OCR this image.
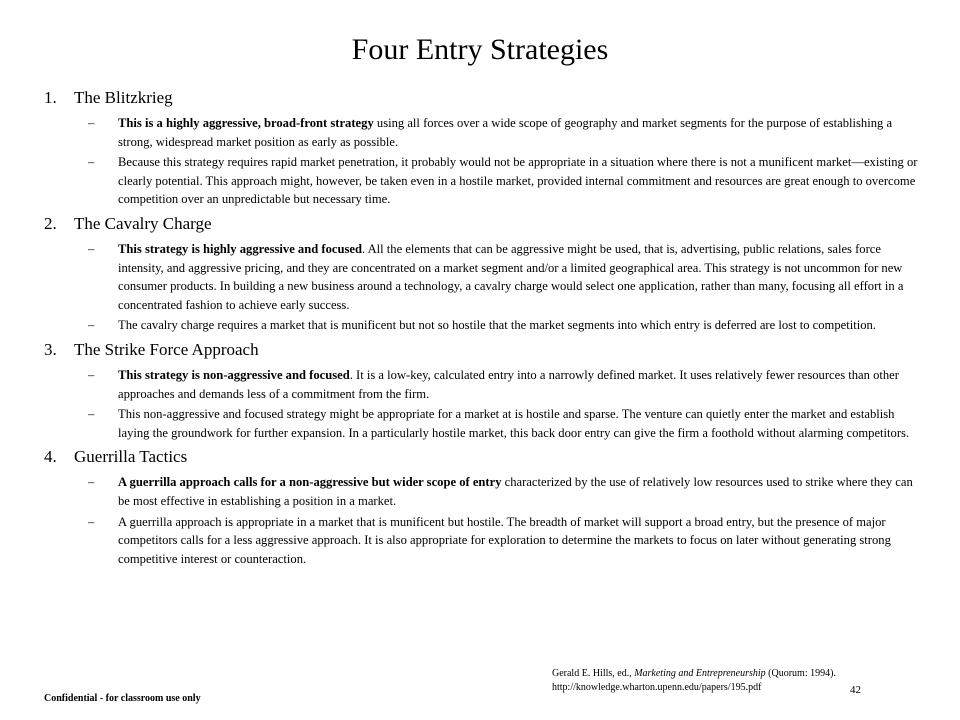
Four Entry Strategies
1.	The Blitzkrieg
–	This is a highly aggressive, broad-front strategy using all forces over a wide scope of geography and market segments for the purpose of establishing a strong, widespread market position as early as possible.
–	Because this strategy requires rapid market penetration, it probably would not be appropriate in a situation where there is not a munificent market—existing or clearly potential. This approach might, however, be taken even in a hostile market, provided internal commitment and resources are great enough to overcome competition over an unpredictable but necessary time.
2.	The Cavalry Charge
–	This strategy is highly aggressive and focused. All the elements that can be aggressive might be used, that is, advertising, public relations, sales force intensity, and aggressive pricing, and they are concentrated on a market segment and/or a limited geographical area. This strategy is not uncommon for new consumer products. In building a new business around a technology, a cavalry charge would select one application, rather than many, focusing all effort in a concentrated fashion to achieve early success.
–	The cavalry charge requires a market that is munificent but not so hostile that the market segments into which entry is deferred are lost to competition.
3.	The Strike Force Approach
–	This strategy is non-aggressive and focused. It is a low-key, calculated entry into a narrowly defined market. It uses relatively fewer resources than other approaches and demands less of a commitment from the firm.
–	This non-aggressive and focused strategy might be appropriate for a market at is hostile and sparse. The venture can quietly enter the market and establish laying the groundwork for further expansion. In a particularly hostile market, this back door entry can give the firm a foothold without alarming competitors.
4.	Guerrilla Tactics
–	A guerrilla approach calls for a non-aggressive but wider scope of entry characterized by the use of relatively low resources used to strike where they can be most effective in establishing a position in a market.
–	A guerrilla approach is appropriate in a market that is munificent but hostile. The breadth of market will support a broad entry, but the presence of major competitors calls for a less aggressive approach. It is also appropriate for exploration to determine the markets to focus on later without generating strong competitive interest or counteraction.
Gerald E. Hills, ed., Marketing and Entrepreneurship (Quorum: 1994).
http://knowledge.wharton.upenn.edu/papers/195.pdf	42
Confidential - for classroom use only
